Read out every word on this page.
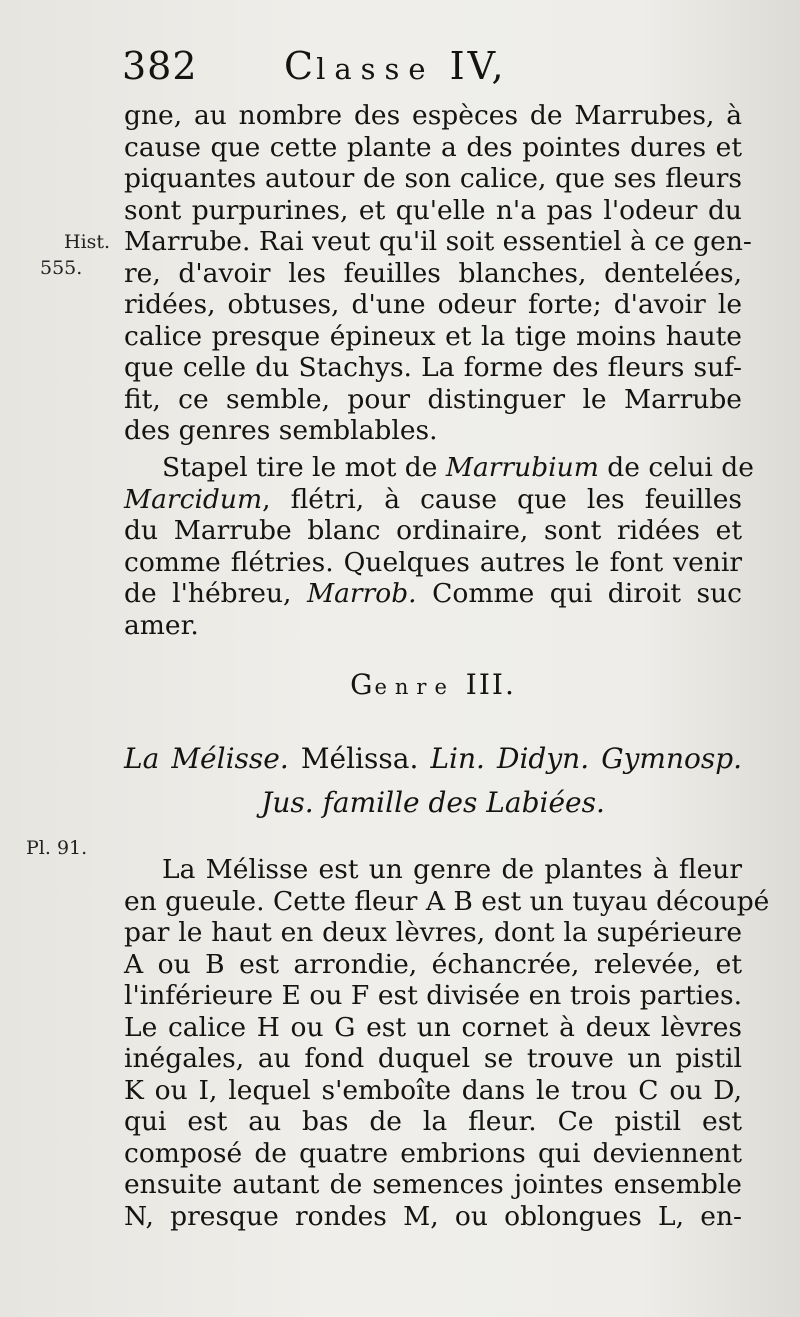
382 Classe IV,
Hist.
555.
Pl. 91.
gne, au nombre des espèces de Marrubes, à
cause que cette plante a des pointes dures et
piquantes autour de son calice, que ses fleurs
sont purpurines, et qu'elle n'a pas l'odeur du
Marrube. Rai veut qu'il soit essentiel à ce gen-
re, d'avoir les feuilles blanches, dentelées,
ridées, obtuses, d'une odeur forte; d'avoir le
calice presque épineux et la tige moins haute
que celle du Stachys. La forme des fleurs suf-
fit, ce semble, pour distinguer le Marrube
des genres semblables.
Stapel tire le mot de Marrubium de celui de
Marcidum, flétri, à cause que les feuilles
du Marrube blanc ordinaire, sont ridées et
comme flétries. Quelques autres le font venir
de l'hébreu, Marrob. Comme qui diroit suc
amer.
Genre III.
La Mélisse. Mélissa. Lin. Didyn. Gymnosp.
Jus. famille des Labiées.
La Mélisse est un genre de plantes à fleur
en gueule. Cette fleur A B est un tuyau découpé
par le haut en deux lèvres, dont la supérieure
A ou B est arrondie, échancrée, relevée, et
l'inférieure E ou F est divisée en trois parties.
Le calice H ou G est un cornet à deux lèvres
inégales, au fond duquel se trouve un pistil
K ou I, lequel s'emboîte dans le trou C ou D,
qui est au bas de la fleur. Ce pistil est
composé de quatre embrions qui deviennent
ensuite autant de semences jointes ensemble
N, presque rondes M, ou oblongues L, en-
